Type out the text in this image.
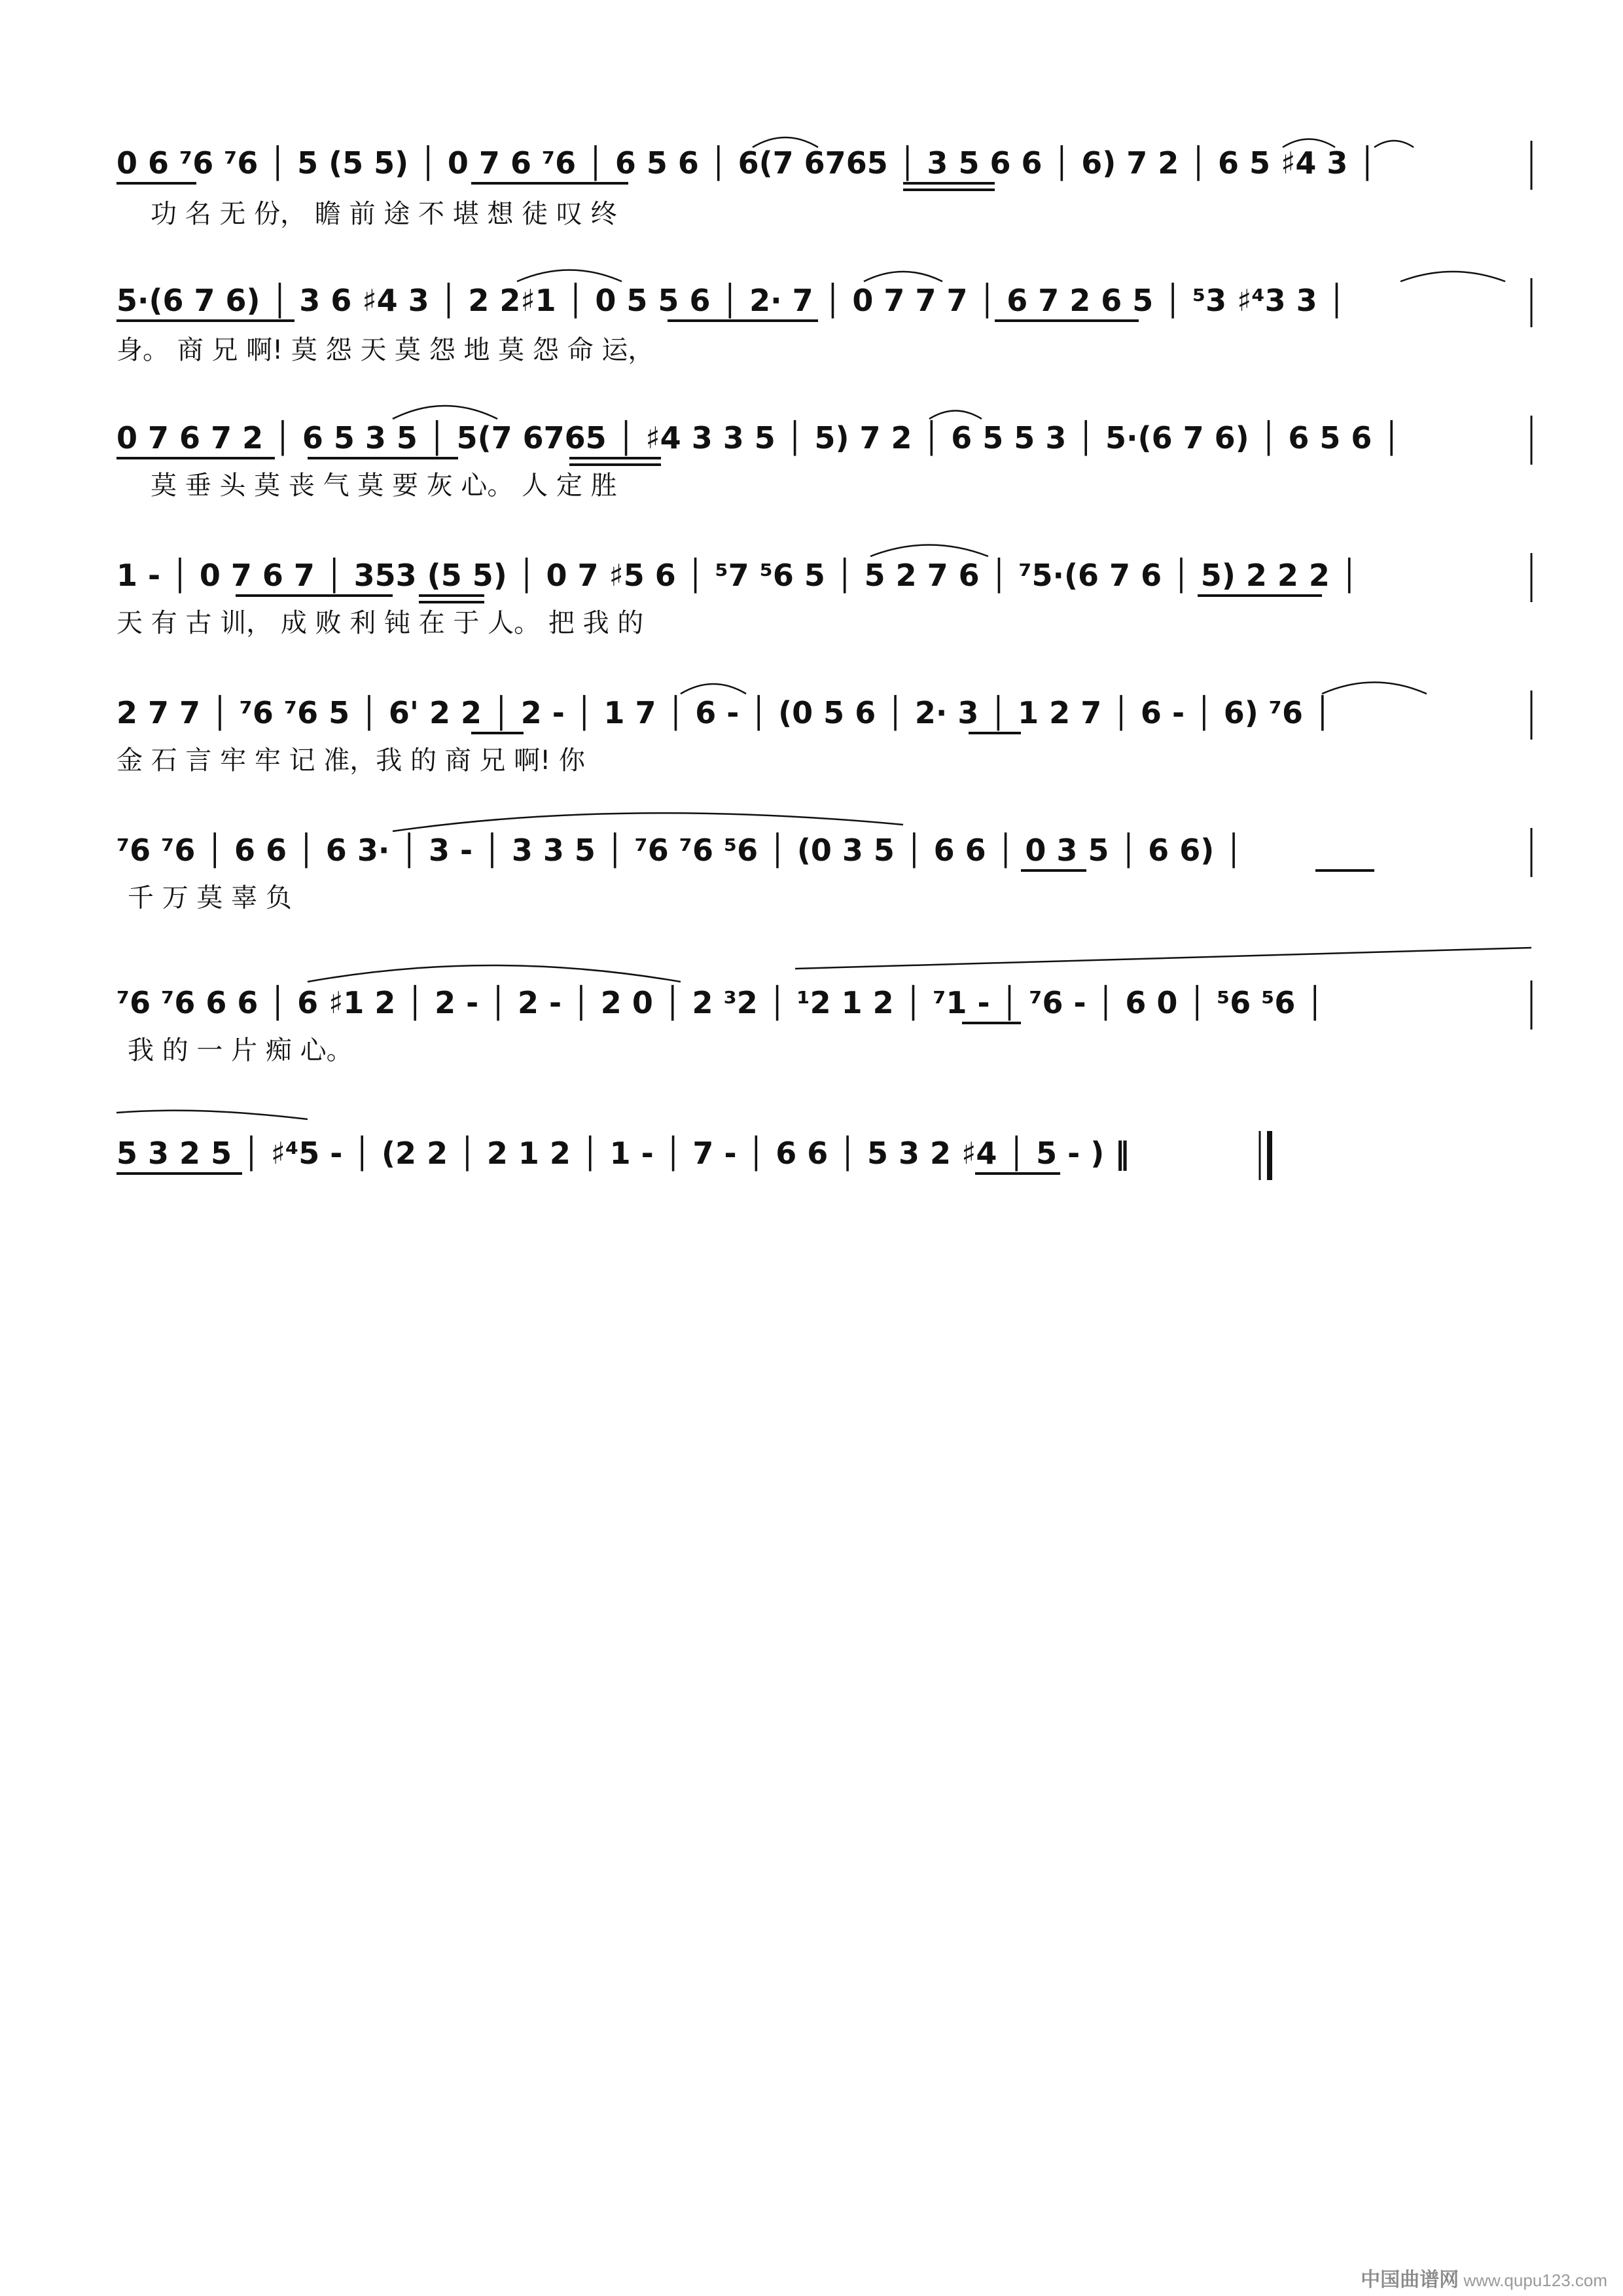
0 6 ⁷6 ⁷6 │ 5 (5 5) │ 0 7 6 ⁷6 │ 6 5 6 │ 6(7 6765 │ 3 5 6 6 │ 6) 7 2 │ 6 5 ♯4 3 │
功 名 无 份， 瞻 前 途 不 堪 想 徒 叹 终
5·(6 7 6) │ 3 6 ♯4 3 │ 2 2♯1 │ 0 5 5 6 │ 2· 7 │ 0 7 7 7 │ 6 7 2 6 5 │ ⁵3 ♯⁴3 3 │
身。 商 兄 啊! 莫 怨 天 莫 怨 地 莫 怨 命 运，
0 7 6 7 2 │ 6 5 3 5 │ 5(7 6765 │ ♯4 3 3 5 │ 5) 7 2 │ 6 5 5 3 │ 5·(6 7 6) │ 6 5 6 │
莫 垂 头 莫 丧 气 莫 要 灰 心。 人 定 胜
1 - │ 0 7 6 7 │ 353 (5 5) │ 0 7 ♯5 6 │ ⁵7 ⁵6 5 │ 5 2 7 6 │ ⁷5·(6 7 6 │ 5) 2 2 2 │
天 有 古 训， 成 败 利 钝 在 于 人。 把 我 的
2 7 7 │ ⁷6 ⁷6 5 │ 6' 2 2 │ 2 - │ 1 7 │ 6 - │ (0 5 6 │ 2· 3 │ 1 2 7 │ 6 - │ 6) ⁷6 │
金 石 言 牢 牢 记 准，我 的 商 兄 啊! 你
⁷6 ⁷6 │ 6 6 │ 6 3· │ 3 - │ 3 3 5 │ ⁷6 ⁷6 ⁵6 │ (0 3 5 │ 6 6 │ 0 3 5 │ 6 6) │
千 万 莫 辜 负
⁷6 ⁷6 6 6 │ 6 ♯1 2 │ 2 - │ 2 - │ 2 0 │ 2 ³2 │ ¹2 1 2 │ ⁷1 - │ ⁷6 - │ 6 0 │ ⁵6 ⁵6 │
我 的 一 片 痴 心。
5 3 2 5 │ ♯⁴5 - │ (2 2 │ 2 1 2 │ 1 - │ 7 - │ 6 6 │ 5 3 2 ♯4 │ 5 - ) ‖
中国曲谱网 www.qupu123.com
